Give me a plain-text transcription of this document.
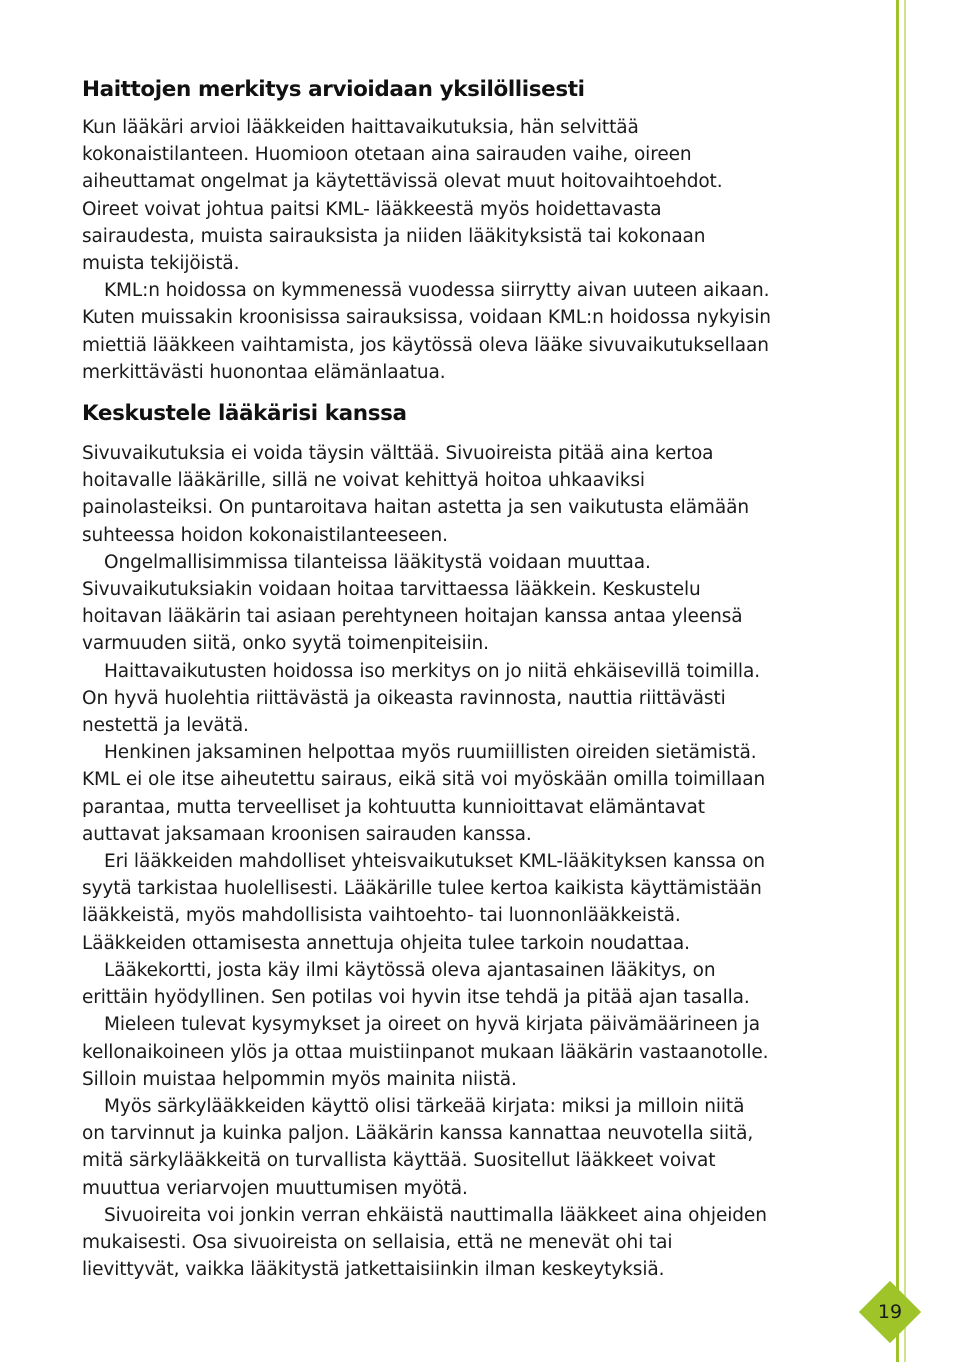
Haittojen merkitys arvioidaan yksilöllisesti

Kun lääkäri arvioi lääkkeiden haittavaikutuksia, hän selvittää kokonaistilanteen. Huomioon otetaan aina sairauden vaihe, oireen aiheuttamat ongelmat ja käytettävissä olevat muut hoitovaihtoehdot. Oireet voivat johtua paitsi KML- lääkkeestä myös hoidettavasta sairaudesta, muista sairauksista ja niiden lääkityksistä tai kokonaan muista tekijöistä.

KML:n hoidossa on kymmenessä vuodessa siirrytty aivan uuteen aikaan. Kuten muissakin kroonisissa sairauksissa, voidaan KML:n hoidossa nykyisin miettiä lääkkeen vaihtamista, jos käytössä oleva lääke sivuvaikutuksellaan merkittävästi huonontaa elämänlaatua.

Keskustele lääkärisi kanssa

Sivuvaikutuksia ei voida täysin välttää. Sivuoireista pitää aina kertoa hoitavalle lääkärille, sillä ne voivat kehittyä hoitoa uhkaaviksi painolasteiksi. On puntaroitava haitan astetta ja sen vaikutusta elämään suhteessa hoidon kokonaistilanteeseen.

Ongelmallisimmissa tilanteissa lääkitystä voidaan muuttaa. Sivuvaikutuksiakin voidaan hoitaa tarvittaessa lääkkein. Keskustelu hoitavan lääkärin tai asiaan perehtyneen hoitajan kanssa antaa yleensä varmuuden siitä, onko syytä toimenpiteisiin.

Haittavaikutusten hoidossa iso merkitys on jo niitä ehkäisevillä toimilla. On hyvä huolehtia riittävästä ja oikeasta ravinnosta, nauttia riittävästi nestettä ja levätä.

Henkinen jaksaminen helpottaa myös ruumiillisten oireiden sietämistä. KML ei ole itse aiheutettu sairaus, eikä sitä voi myöskään omilla toimillaan parantaa, mutta terveelliset ja kohtuutta kunnioittavat elämäntavat auttavat jaksamaan kroonisen sairauden kanssa.

Eri lääkkeiden mahdolliset yhteisvaikutukset KML-lääkityksen kanssa on syytä tarkistaa huolellisesti. Lääkärille tulee kertoa kaikista käyttämistään lääkkeistä, myös mahdollisista vaihtoehto- tai luonnonlääkkeistä. Lääkkeiden ottamisesta annettuja ohjeita tulee tarkoin noudattaa.

Lääkekortti, josta käy ilmi käytössä oleva ajantasainen lääkitys, on erittäin hyödyllinen. Sen potilas voi hyvin itse tehdä ja pitää ajan tasalla.

Mieleen tulevat kysymykset ja oireet on hyvä kirjata päivämäärineen ja kellonaikoineen ylös ja ottaa muistiinpanot mukaan lääkärin vastaanotolle. Silloin muistaa helpommin myös mainita niistä.

Myös särkylääkkeiden käyttö olisi tärkeää kirjata: miksi ja milloin niitä on tarvinnut ja kuinka paljon. Lääkärin kanssa kannattaa neuvotella siitä, mitä särkylääkkeitä on turvallista käyttää. Suositellut lääkkeet voivat muuttua veriarvojen muuttumisen myötä.

Sivuoireita voi jonkin verran ehkäistä nauttimalla lääkkeet aina ohjeiden mukaisesti. Osa sivuoireista on sellaisia, että ne menevät ohi tai lievittyvät, vaikka lääkitystä jatkettaisiinkin ilman keskeytyksiä.

19
